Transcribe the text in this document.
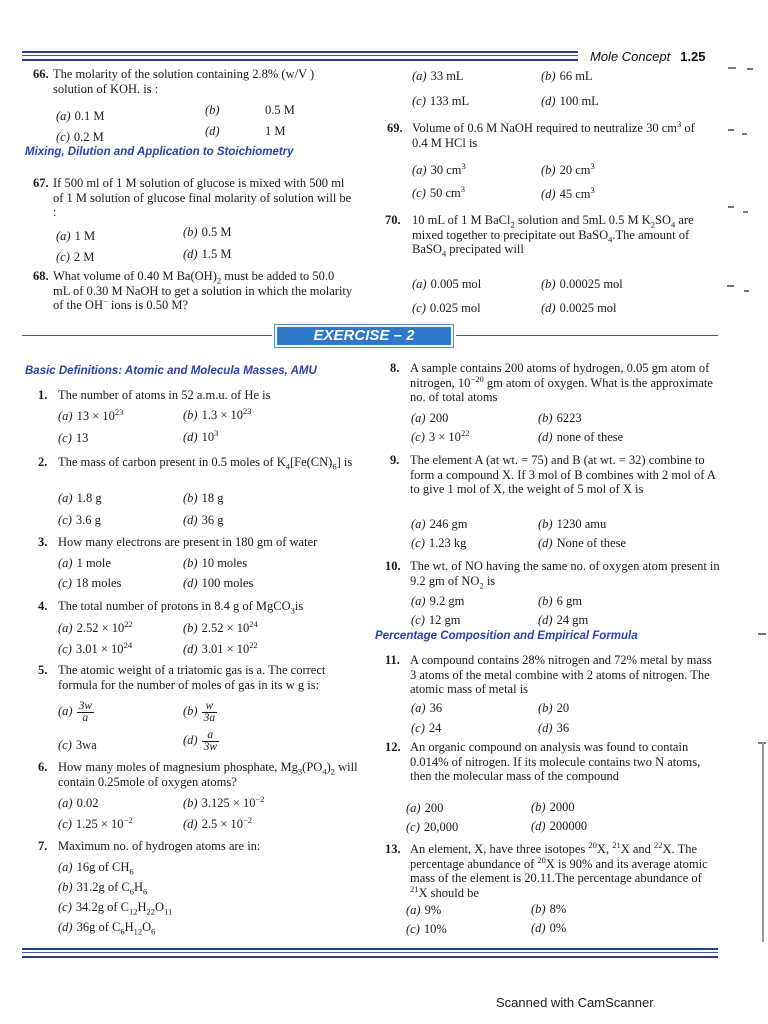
Mole Concept 1.25
66. The molarity of the solution containing 2.8% (w/V ) solution of KOH. is :
(a) 0.1 M	(b)	0.5 M
(c) 0.2 M	(d)	1 M
Mixing, Dilution and Application to Stoichiometry
67. If 500 ml of 1 M solution of glucose is mixed with 500 ml of 1 M solution of glucose final molarity of solution will be :
(a) 1 M	(b) 0.5 M
(c) 2 M	(d) 1.5 M
68. What volume of 0.40 M $Ba(OH)_2$ must be added to 50.0 mL of 0.30 M NaOH to get a solution in which the molarity of the OH− ions is 0.50 M?
(a) 33 mL	(b) 66 mL
(c) 133 mL	(d) 100 mL
69. Volume of 0.6 M NaOH required to neutralize 30 $cm^3$ of 0.4 M HCl is
(a) 30 $cm^3$	(b) 20 $cm^3$
(c) 50 $cm^3$	(d) 45 $cm^3$
70. 10 mL of 1 M BaCl$_2$ solution and 5mL 0.5 M $K_2SO_4$ are mixed together to precipitate out BaSO$_4$.The amount of BaSO$_4$ precipated will
(a) 0.005 mol	(b) 0.00025 mol
(c) 0.025 mol	(d) 0.0025 mol
EXERCISE – 2
Basic Definitions: Atomic and Molecula Masses, AMU
1. The number of atoms in 52 a.m.u. of He is
(a) $13 \times 10^{23}$	(b) $1.3 \times 10^{23}$
(c) 13	(d) $10^3$
2. The mass of carbon present in 0.5 moles of $K_4[Fe(CN)_6]$ is
(a) 1.8 g	(b) 18 g
(c) 3.6 g	(d) 36 g
3. How many electrons are present in 180 gm of water
(a) 1 mole	(b) 10 moles
(c) 18 moles	(d) 100 moles
4. The total number of protons in 8.4 g of MgCO$_3$is
(a) $2.52 \times 10^{22}$	(b) $2.52 \times 10^{24}$
(c) $3.01 \times 10^{24}$	(d) $3.01 \times 10^{22}$
5. The atomic weight of a triatomic gas is a. The correct formula for the number of moles of gas in its w g is:
$(a) \frac{3w}{a}$	$(b) \frac{w}{3a}$
(c) 3wa	$(d) \frac{a}{3w}$
6. How many moles of magnesium phosphate, $Mg_3(PO_4)_2$ will contain 0.25mole of oxygen atoms?
(a) 0.02	(b) $3.125 \times 10^{-2}$
(c) $1.25 \times 10^{-2}$	(d) $2.5 \times 10^{-2}$
7. Maximum no. of hydrogen atoms are in:
(a) 16g of $CH_6$
(b) 31.2g of $C_6H_6$
(c) 34.2g of $C_{12}H_{22}O_{11}$
(d) 36g of $C_6H_{12}O_6$
8. A sample contains 200 atoms of hydrogen, 0.05 gm atom of nitrogen, $10^{-20}$ gm atom of oxygen. What is the approximate no. of total atoms
(a) 200	(b) 6223
(c) $3 \times 10^{22}$	(d) none of these
9. The element A (at wt. = 75) and B (at wt. = 32) combine to form a compound X. If 3 mol of B combines with 2 mol of A to give 1 mol of X, the weight of 5 mol of X is
(a) 246 gm	(b) 1230 amu
(c) 1.23 kg	(d) None of these
10. The wt. of NO having the same no. of oxygen atom present in 9.2 gm of $NO_2$ is
(a) 9.2 gm	(b) 6 gm
(c) 12 gm	(d) 24 gm
Percentage Composition and Empirical Formula
11. A compound contains 28% nitrogen and 72% metal by mass 3 atoms of the metal combine with 2 atoms of nitrogen. The atomic mass of metal is
(a) 36	(b) 20
(c) 24	(d) 36
12. An organic compound on analysis was found to contain 0.014% of nitrogen. If its molecule contains two N atoms, then the molecular mass of the compound
(a) 200	(b) 2000
(c) 20,000	(d) 200000
13. An element, X, have three isotopes $^{20}$X, $^{21}$X and $^{22}$X. The percentage abundance of $^{20}$X is 90% and its average atomic mass of the element is 20.11.The percentage abundance of $^{21}$X should be
(a) 9%	(b) 8%
(c) 10%	(d) 0%
Scanned with CamScanner
